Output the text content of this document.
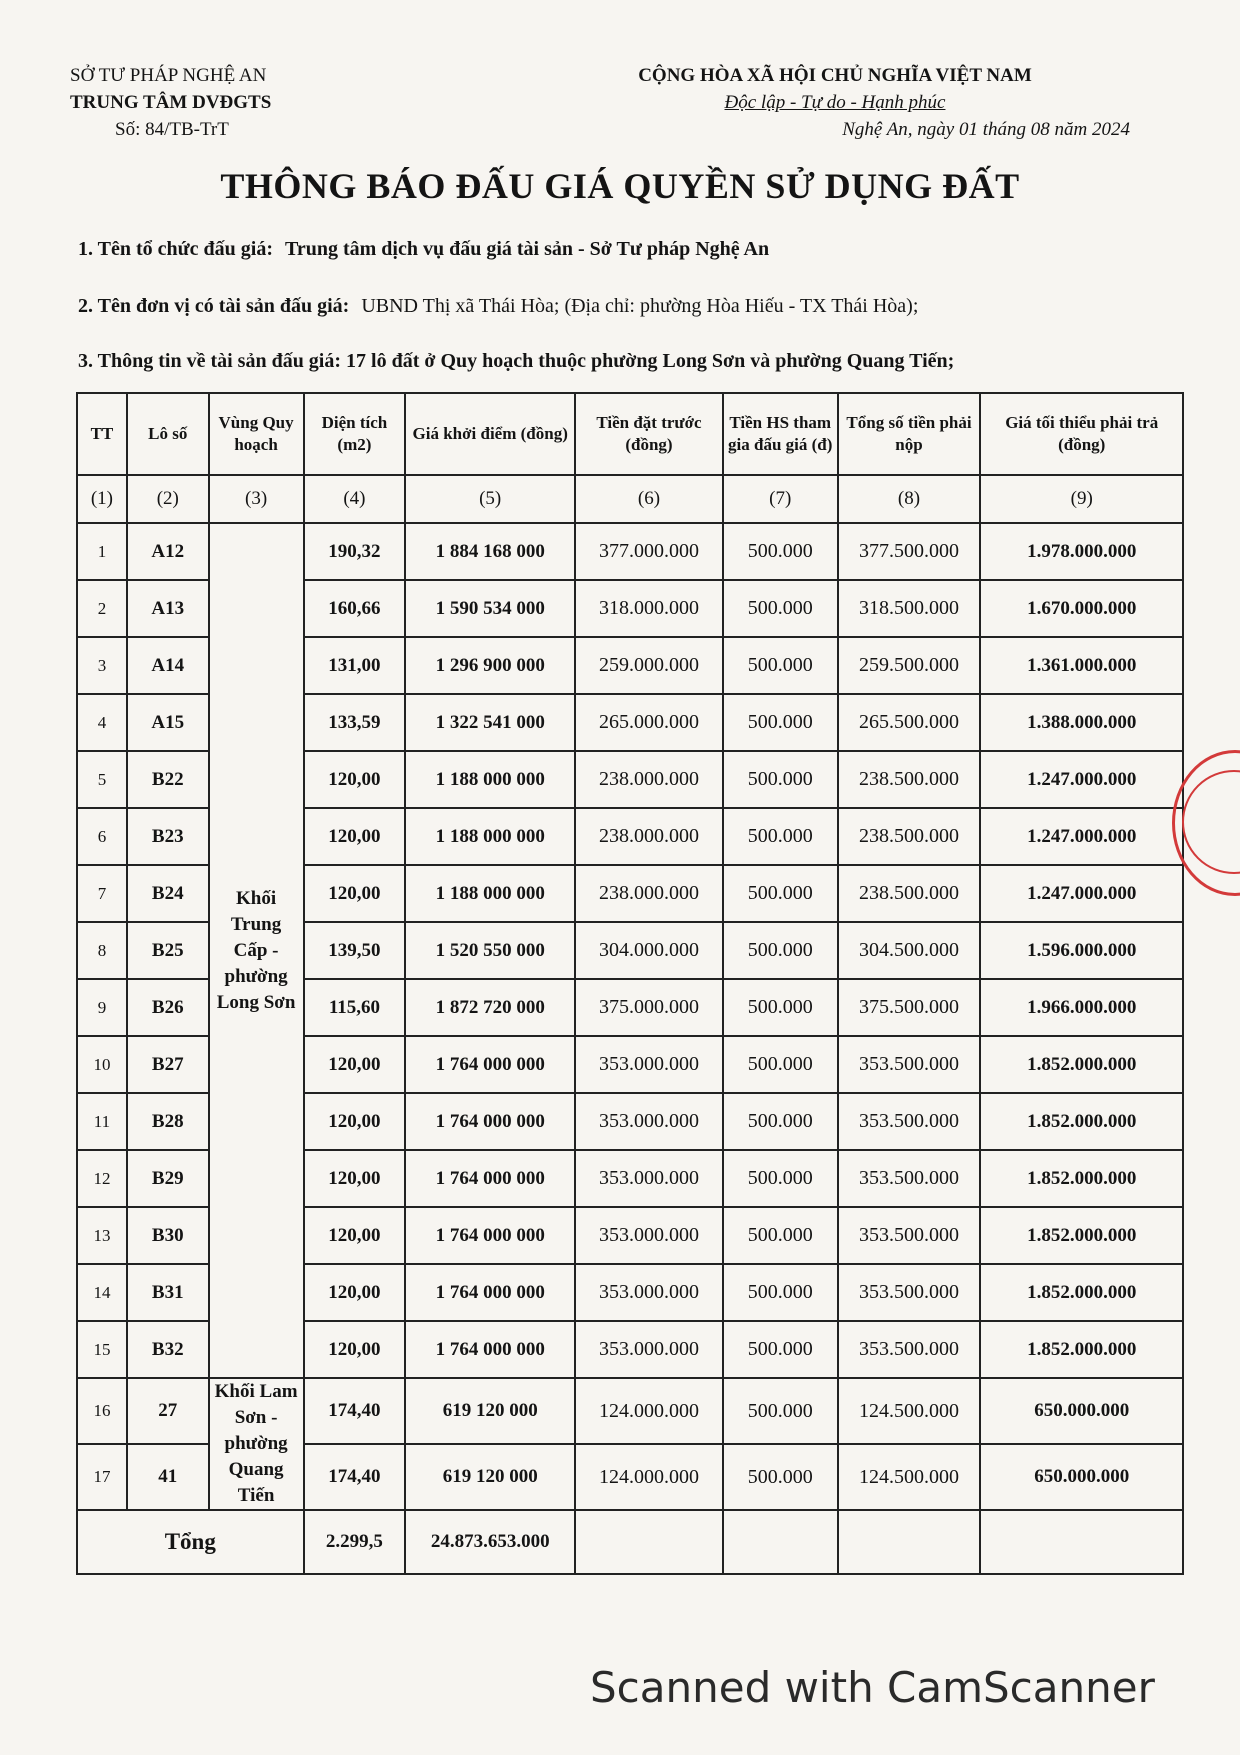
SỞ TƯ PHÁP NGHỆ AN
TRUNG TÂM DVĐGTS
Số: 84/TB-TrT
CỘNG HÒA XÃ HỘI CHỦ NGHĨA VIỆT NAM
Độc lập - Tự do - Hạnh phúc
Nghệ An, ngày 01 tháng 08 năm 2024
THÔNG BÁO ĐẤU GIÁ QUYỀN SỬ DỤNG ĐẤT
1. Tên tổ chức đấu giá: Trung tâm dịch vụ đấu giá tài sản - Sở Tư pháp Nghệ An
2. Tên đơn vị có tài sản đấu giá: UBND Thị xã Thái Hòa; (Địa chỉ: phường Hòa Hiếu - TX Thái Hòa);
3. Thông tin về tài sản đấu giá: 17 lô đất ở Quy hoạch thuộc phường Long Sơn và phường Quang Tiến;
TT	Lô số	Vùng Quy hoạch	Diện tích (m2)	Giá khởi điểm (đồng)	Tiền đặt trước (đồng)	Tiền HS tham gia đấu giá (đ)	Tổng số tiền phải nộp	Giá tối thiểu phải trả (đồng)
(1)	(2)	(3)	(4)	(5)	(6)	(7)	(8)	(9)
1	A12	Khối Trung Cấp - phường Long Sơn	190,32	1 884 168 000	377.000.000	500.000	377.500.000	1.978.000.000
2	A13		160,66	1 590 534 000	318.000.000	500.000	318.500.000	1.670.000.000
3	A14		131,00	1 296 900 000	259.000.000	500.000	259.500.000	1.361.000.000
4	A15		133,59	1 322 541 000	265.000.000	500.000	265.500.000	1.388.000.000
5	B22		120,00	1 188 000 000	238.000.000	500.000	238.500.000	1.247.000.000
6	B23		120,00	1 188 000 000	238.000.000	500.000	238.500.000	1.247.000.000
7	B24		120,00	1 188 000 000	238.000.000	500.000	238.500.000	1.247.000.000
8	B25		139,50	1 520 550 000	304.000.000	500.000	304.500.000	1.596.000.000
9	B26		115,60	1 872 720 000	375.000.000	500.000	375.500.000	1.966.000.000
10	B27		120,00	1 764 000 000	353.000.000	500.000	353.500.000	1.852.000.000
11	B28		120,00	1 764 000 000	353.000.000	500.000	353.500.000	1.852.000.000
12	B29		120,00	1 764 000 000	353.000.000	500.000	353.500.000	1.852.000.000
13	B30		120,00	1 764 000 000	353.000.000	500.000	353.500.000	1.852.000.000
14	B31		120,00	1 764 000 000	353.000.000	500.000	353.500.000	1.852.000.000
15	B32		120,00	1 764 000 000	353.000.000	500.000	353.500.000	1.852.000.000
16	27	Khối Lam Sơn - phường Quang Tiến	174,40	619 120 000	124.000.000	500.000	124.500.000	650.000.000
17	41		174,40	619 120 000	124.000.000	500.000	124.500.000	650.000.000
Tổng			2.299,5	24.873.653.000				
Scanned with CamScanner
